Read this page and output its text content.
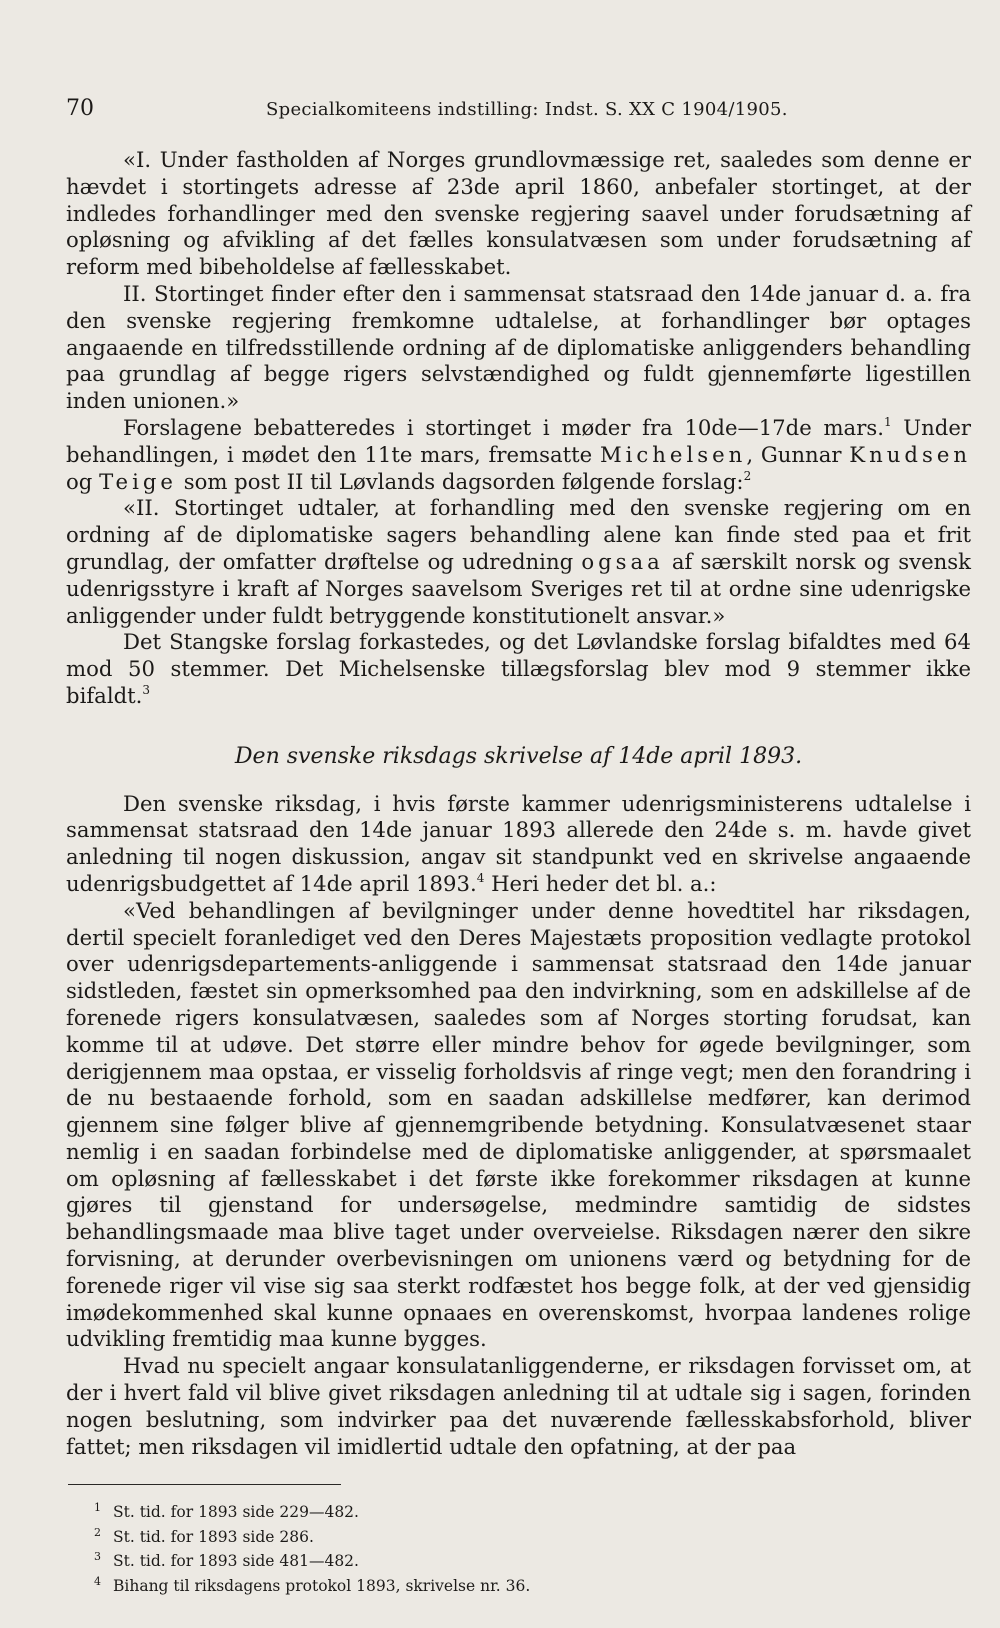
70	Specialkomiteens indstilling: Indst. S. XX C 1904/1905.

«I. Under fastholden af Norges grundlovmæssige ret, saaledes som denne er hævdet i stortingets adresse af 23de april 1860, anbefaler stortinget, at der indledes forhandlinger med den svenske regjering saavel under forudsætning af opløsning og afvikling af det fælles konsulatvæsen som under forudsætning af reform med bibeholdelse af fællesskabet.

II. Stortinget finder efter den i sammensat statsraad den 14de januar d. a. fra den svenske regjering fremkomne udtalelse, at forhandlinger bør optages angaaende en tilfredsstillende ordning af de diplomatiske anliggenders behandling paa grundlag af begge rigers selvstændighed og fuldt gjennemførte ligestillen inden unionen.»

Forslagene bebatteredes i stortinget i møder fra 10de—17de mars.$^1$ Under behandlingen, i mødet den 11te mars, fremsatte Michelsen, Gunnar Knudsen og Teige som post II til Løvlands dagsorden følgende forslag:$^2$

«II. Stortinget udtaler, at forhandling med den svenske regjering om en ordning af de diplomatiske sagers behandling alene kan finde sted paa et frit grundlag, der omfatter drøftelse og udredning ogsaa af særskilt norsk og svensk udenrigsstyre i kraft af Norges saavelsom Sveriges ret til at ordne sine udenrigske anliggender under fuldt betryggende konstitutionelt ansvar.»

Det Stangske forslag forkastedes, og det Løvlandske forslag bifaldtes med 64 mod 50 stemmer. Det Michelsenske tillægsforslag blev mod 9 stemmer ikke bifaldt.$^3$

Den svenske riksdags skrivelse af 14de april 1893.

Den svenske riksdag, i hvis første kammer udenrigsministerens udtalelse i sammensat statsraad den 14de januar 1893 allerede den 24de s. m. havde givet anledning til nogen diskussion, angav sit standpunkt ved en skrivelse angaaende udenrigsbudgettet af 14de april 1893.$^4$ Heri heder det bl. a.:

«Ved behandlingen af bevilgninger under denne hovedtitel har riksdagen, dertil specielt foranlediget ved den Deres Majestæts proposition vedlagte protokol over udenrigsdepartements-anliggende i sammensat statsraad den 14de januar sidstleden, fæstet sin opmerksomhed paa den indvirkning, som en adskillelse af de forenede rigers konsulatvæsen, saaledes som af Norges storting forudsat, kan komme til at udøve. Det større eller mindre behov for øgede bevilgninger, som derigjennem maa opstaa, er visselig forholdsvis af ringe vegt; men den forandring i de nu bestaaende forhold, som en saadan adskillelse medfører, kan derimod gjennem sine følger blive af gjennemgribende betydning. Konsulatvæsenet staar nemlig i en saadan forbindelse med de diplomatiske anliggender, at spørsmaalet om opløsning af fællesskabet i det første ikke forekommer riksdagen at kunne gjøres til gjenstand for undersøgelse, medmindre samtidig de sidstes behandlingsmaade maa blive taget under overveielse. Riksdagen nærer den sikre forvisning, at derunder overbevisningen om unionens værd og betydning for de forenede riger vil vise sig saa sterkt rodfæstet hos begge folk, at der ved gjensidig imødekommenhed skal kunne opnaaes en overenskomst, hvorpaa landenes rolige udvikling fremtidig maa kunne bygges.

Hvad nu specielt angaar konsulatanliggenderne, er riksdagen forvisset om, at der i hvert fald vil blive givet riksdagen anledning til at udtale sig i sagen, forinden nogen beslutning, som indvirker paa det nuværende fællesskabsforhold, bliver fattet; men riksdagen vil imidlertid udtale den opfatning, at der paa

$^1$ St. tid. for 1893 side 229—482.
$^2$ St. tid. for 1893 side 286.
$^3$ St. tid. for 1893 side 481—482.
$^4$ Bihang til riksdagens protokol 1893, skrivelse nr. 36.
